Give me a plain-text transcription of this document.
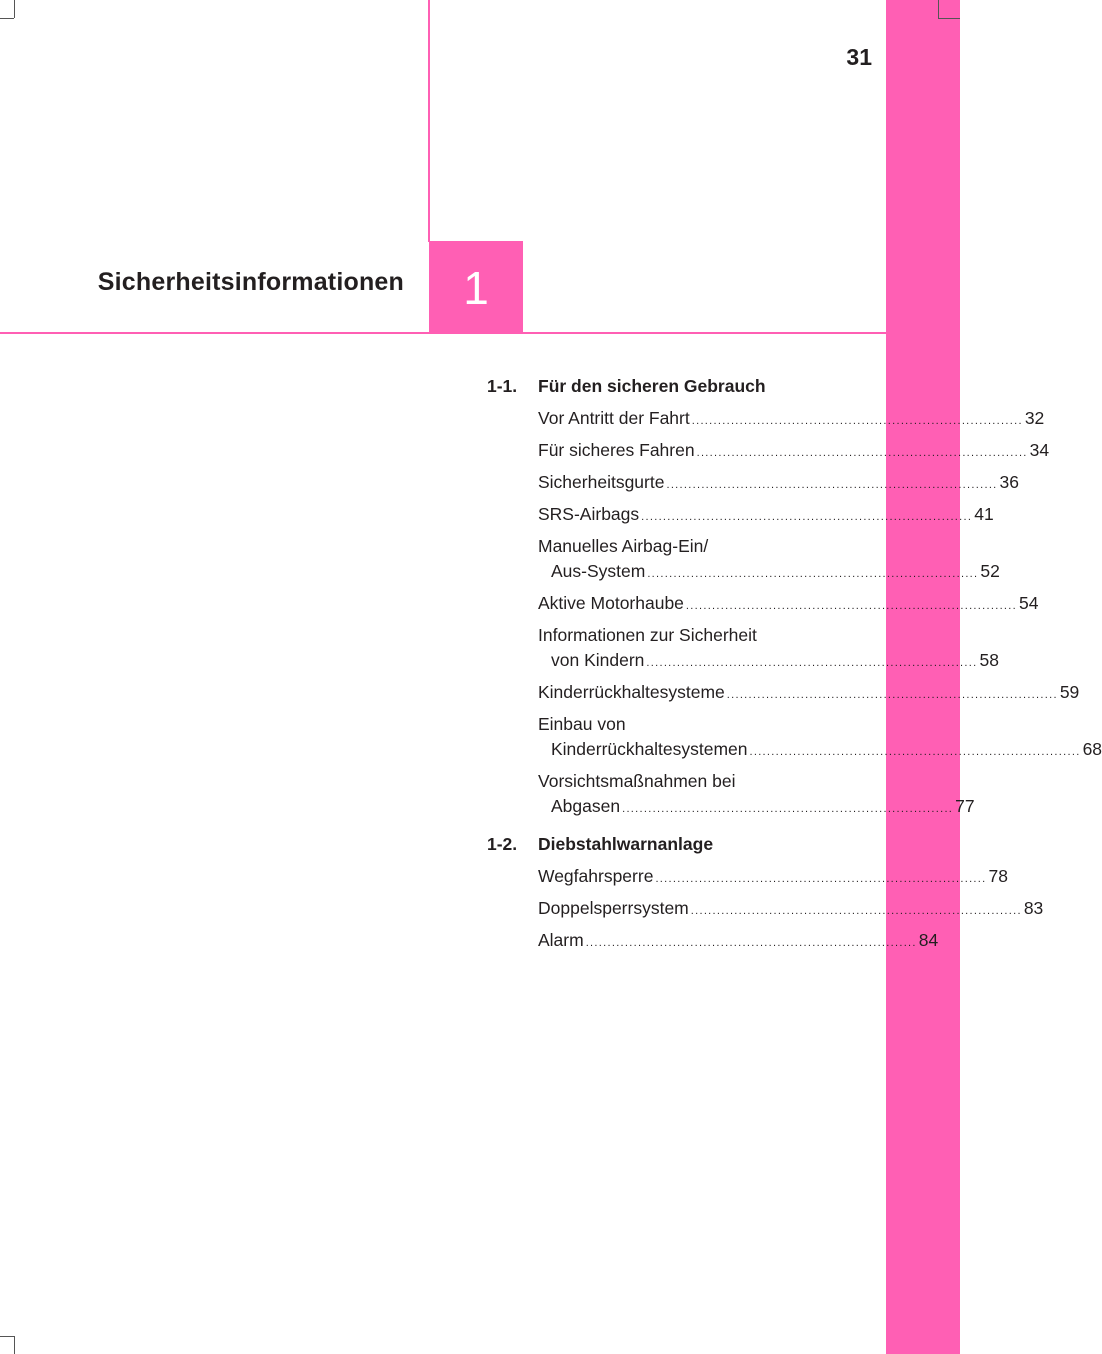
31
Sicherheitsinformationen 1
1-1.	Für den sicheren Gebrauch
Vor Antritt der Fahrt ............................................................................ 32
Für sicheres Fahren ............................................................................ 34
Sicherheitsgurte ............................................................................ 36
SRS-Airbags ............................................................................ 41
Manuelles Airbag-Ein/
Aus-System ............................................................................ 52
Aktive Motorhaube ............................................................................ 54
Informationen zur Sicherheit
von Kindern ............................................................................ 58
Kinderrückhaltesysteme ............................................................................ 59
Einbau von
Kinderrückhaltesystemen ............................................................................ 68
Vorsichtsmaßnahmen bei
Abgasen ............................................................................ 77
1-2.	Diebstahlwarnanlage
Wegfahrsperre ............................................................................ 78
Doppelsperrsystem ............................................................................ 83
Alarm ............................................................................ 84
